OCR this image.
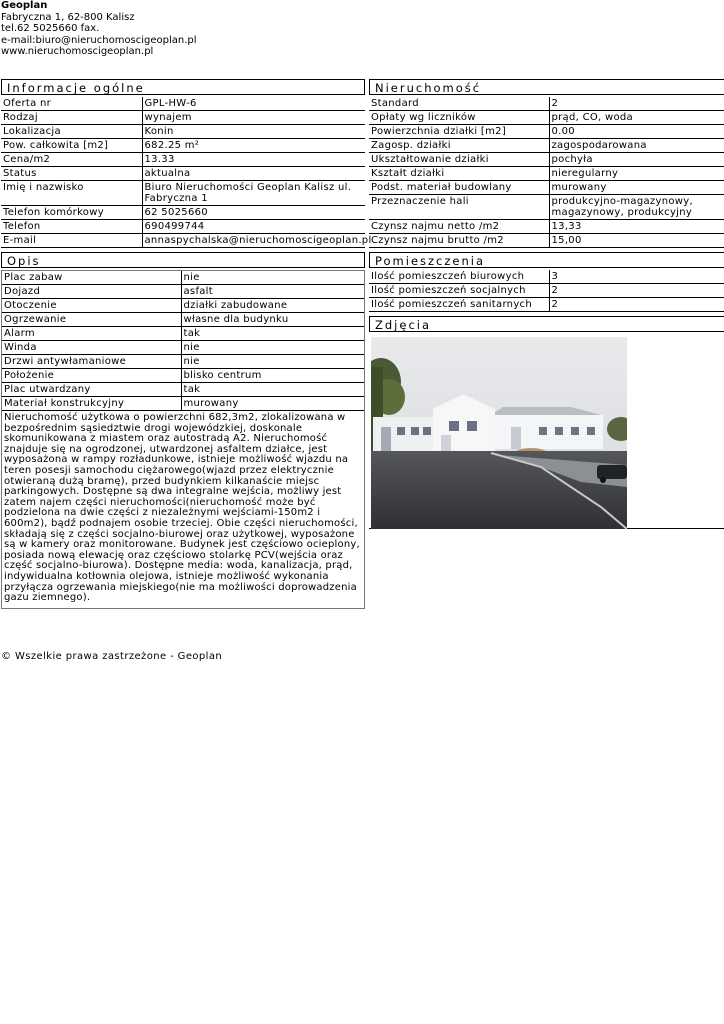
Geoplan
Fabryczna 1, 62-800 Kalisz
tel.62 5025660 fax.
e-mail:biuro@nieruchomoscigeoplan.pl
www.nieruchomoscigeoplan.pl
Informacje ogólne
Oferta nr	GPL-HW-6
Rodzaj	wynajem
Lokalizacja	Konin
Pow. całkowita [m2]	682.25 m²
Cena/m2	13.33
Status	aktualna
Imię i nazwisko	Biuro Nieruchomości Geoplan Kalisz ul. Fabryczna 1
Telefon komórkowy	62 5025660
Telefon	690499744
E-mail	annaspychalska@nieruchomoscigeoplan.pl
Opis
Plac zabaw	nie
Dojazd	asfalt
Otoczenie	działki zabudowane
Ogrzewanie	własne dla budynku
Alarm	tak
Winda	nie
Drzwi antywłamaniowe	nie
Położenie	blisko centrum
Plac utwardzany	tak
Materiał konstrukcyjny	murowany
Nieruchomość użytkowa o powierzchni 682,3m2, zlokalizowana w bezpośrednim sąsiedztwie drogi wojewódzkiej, doskonale skomunikowana z miastem oraz autostradą A2. Nieruchomość znajduje się na ogrodzonej, utwardzonej asfaltem działce, jest wyposażona w rampy rozładunkowe, istnieje możliwość wjazdu na teren posesji samochodu ciężarowego(wjazd przez elektrycznie otwieraną dużą bramę), przed budynkiem kilkanaście miejsc parkingowych. Dostępne są dwa integralne wejścia, możliwy jest zatem najem części nieruchomości(nieruchomość może być podzielona na dwie części z niezależnymi wejściami-150m2 i 600m2), bądź podnajem osobie trzeciej. Obie części nieruchomości, składają się z części socjalno-biurowej oraz użytkowej, wyposażone są w kamery oraz monitorowane. Budynek jest częściowo ocieplony, posiada nową elewację oraz częściowo stolarkę PCV(wejścia oraz część socjalno-biurowa). Dostępne media: woda, kanalizacja, prąd, indywidualna kotłownia olejowa, istnieje możliwość wykonania przyłącza ogrzewania miejskiego(nie ma możliwości doprowadzenia gazu ziemnego).
Nieruchomość
Standard	2
Opłaty wg liczników	prąd, CO, woda
Powierzchnia działki [m2]	0.00
Zagosp. działki	zagospodarowana
Ukształtowanie działki	pochyła
Kształt działki	nieregularny
Podst. materiał budowlany	murowany
Przeznaczenie hali	produkcyjno-magazynowy, magazynowy, produkcyjny
Czynsz najmu netto /m2	13,33
Czynsz najmu brutto /m2	15,00
Pomieszczenia
Ilość pomieszczeń biurowych	3
Ilość pomieszczeń socjalnych	2
Ilość pomieszczeń sanitarnych	2
Zdjęcia
© Wszelkie prawa zastrzeżone - Geoplan
